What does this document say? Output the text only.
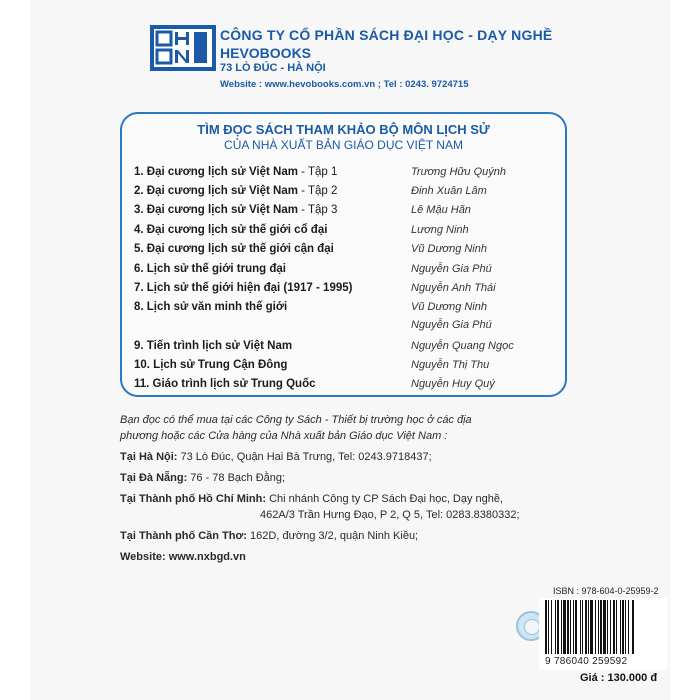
CÔNG TY CỔ PHẦN SÁCH ĐẠI HỌC - DẠY NGHỀ
HEVOBOOKS
73 LÒ ĐÚC - HÀ NỘI
Website : www.hevobooks.com.vn ; Tel : 0243. 9724715
TÌM ĐỌC SÁCH THAM KHẢO BỘ MÔN LỊCH SỬ
CỦA NHÀ XUẤT BẢN GIÁO DỤC VIỆT NAM
1. Đại cương lịch sử Việt Nam - Tập 1	Trương Hữu Quýnh
2. Đại cương lịch sử Việt Nam - Tập 2	Đinh Xuân Lâm
3. Đại cương lịch sử Việt Nam - Tập 3	Lê Mậu Hãn
4. Đại cương lịch sử thế giới cổ đại	Lương Ninh
5. Đại cương lịch sử thế giới cận đại	Vũ Dương Ninh
6. Lịch sử thế giới trung đại	Nguyễn Gia Phú
7. Lịch sử thế giới hiện đại (1917 - 1995)	Nguyễn Anh Thái
8. Lịch sử văn minh thế giới	Vũ Dương Ninh
Nguyễn Gia Phú
9. Tiến trình lịch sử Việt Nam	Nguyễn Quang Ngọc
10. Lịch sử Trung Cận Đông	Nguyễn Thị Thu
11. Giáo trình lịch sử Trung Quốc	Nguyễn Huy Quý
Bạn đọc có thể mua tại các Công ty Sách - Thiết bị trường học ở các địa
phương hoặc các Cửa hàng của Nhà xuất bản Giáo dục Việt Nam :
Tại Hà Nội: 73 Lò Đúc, Quận Hai Bà Trưng, Tel: 0243.9718437;
Tại Đà Nẵng: 76 - 78 Bạch Đằng;
Tại Thành phố Hồ Chí Minh: Chi nhánh Công ty CP Sách Đại học, Dạy nghề,
462A/3 Trần Hưng Đạo, P 2, Q 5, Tel: 0283.8380332;
Tại Thành phố Cần Thơ: 162D, đường 3/2, quận Ninh Kiều;
Website: www.nxbgd.vn
ISBN : 978-604-0-25959-2
9 786040 259592
Giá : 130.000 đ
